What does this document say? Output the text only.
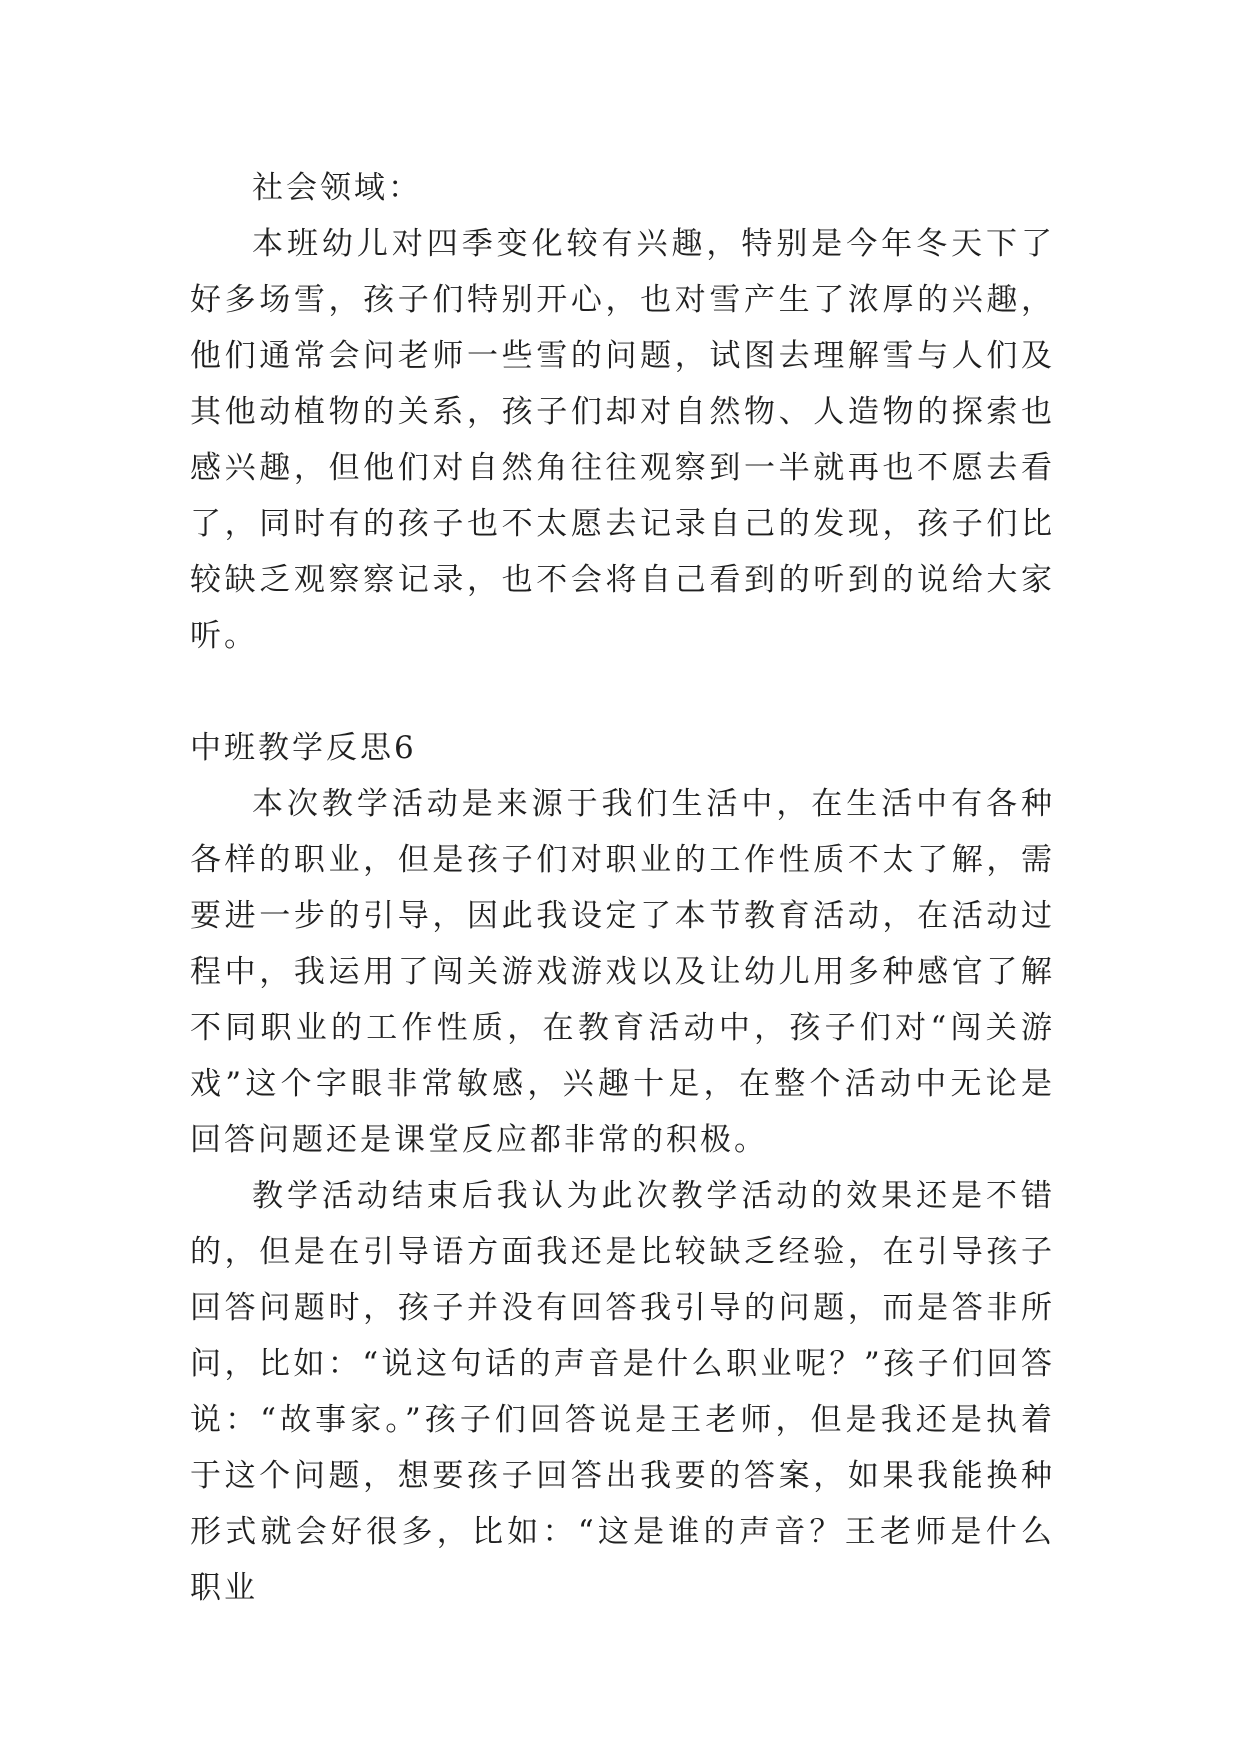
社会领域：

本班幼儿对四季变化较有兴趣，特别是今年冬天下了好多场雪，孩子们特别开心，也对雪产生了浓厚的兴趣，他们通常会问老师一些雪的问题，试图去理解雪与人们及其他动植物的关系，孩子们却对自然物、人造物的探索也感兴趣，但他们对自然角往往观察到一半就再也不愿去看了，同时有的孩子也不太愿去记录自己的发现，孩子们比较缺乏观察察记录，也不会将自己看到的听到的说给大家听。

中班教学反思6

本次教学活动是来源于我们生活中，在生活中有各种各样的职业，但是孩子们对职业的工作性质不太了解，需要进一步的引导，因此我设定了本节教育活动，在活动过程中，我运用了闯关游戏游戏以及让幼儿用多种感官了解不同职业的工作性质，在教育活动中，孩子们对“闯关游戏”这个字眼非常敏感，兴趣十足，在整个活动中无论是回答问题还是课堂反应都非常的积极。

教学活动结束后我认为此次教学活动的效果还是不错的，但是在引导语方面我还是比较缺乏经验，在引导孩子回答问题时，孩子并没有回答我引导的问题，而是答非所问，比如：“说这句话的声音是什么职业呢？”孩子们回答说：“故事家。”孩子们回答说是王老师，但是我还是执着于这个问题，想要孩子回答出我要的答案，如果我能换种形式就会好很多，比如：“这是谁的声音？王老师是什么职业
